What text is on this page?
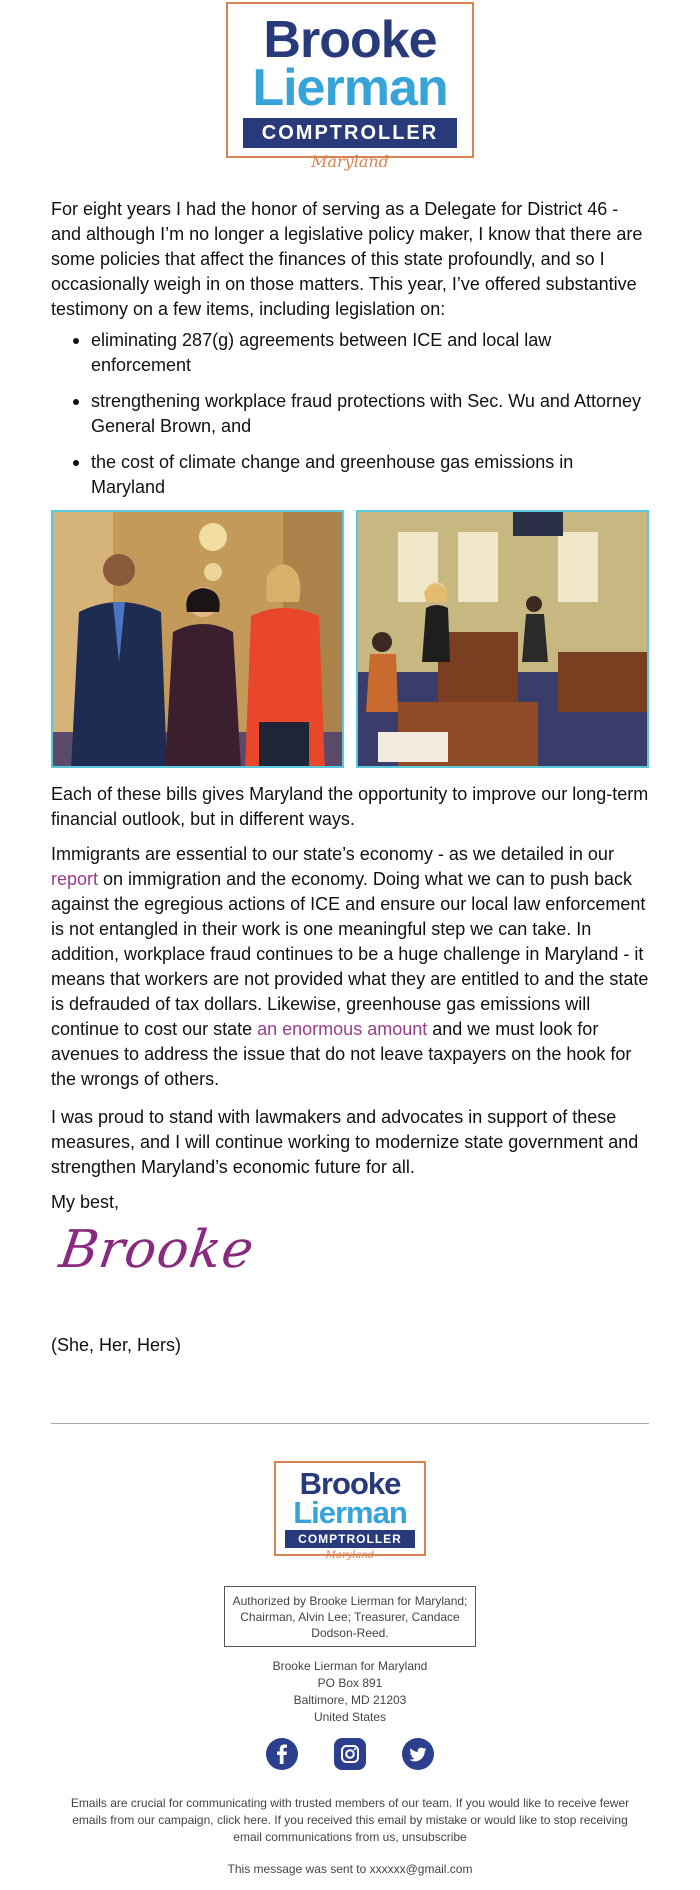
Brooke
Lierman
COMPTROLLER
Maryland

For eight years I had the honor of serving as a Delegate for District 46 - and although I’m no longer a legislative policy maker, I know that there are some policies that affect the finances of this state profoundly, and so I occasionally weigh in on those matters. This year, I’ve offered substantive testimony on a few items, including legislation on:

eliminating 287(g) agreements between ICE and local law enforcement
strengthening workplace fraud protections with Sec. Wu and Attorney General Brown, and
the cost of climate change and greenhouse gas emissions in Maryland

Each of these bills gives Maryland the opportunity to improve our long-term financial outlook, but in different ways.

Immigrants are essential to our state’s economy - as we detailed in our report on immigration and the economy. Doing what we can to push back against the egregious actions of ICE and ensure our local law enforcement is not entangled in their work is one meaningful step we can take. In addition, workplace fraud continues to be a huge challenge in Maryland - it means that workers are not provided what they are entitled to and the state is defrauded of tax dollars. Likewise, greenhouse gas emissions will continue to cost our state an enormous amount and we must look for avenues to address the issue that do not leave taxpayers on the hook for the wrongs of others.

I was proud to stand with lawmakers and advocates in support of these measures, and I will continue working to modernize state government and strengthen Maryland’s economic future for all.

My best,

Brooke

(She, Her, Hers)

Brooke
Lierman
COMPTROLLER
Maryland
Authorized by Brooke Lierman for Maryland; Chairman, Alvin Lee; Treasurer, Candace Dodson-Reed.
Brooke Lierman for Maryland
PO Box 891
Baltimore, MD 21203
United States

Emails are crucial for communicating with trusted members of our team. If you would like to receive fewer emails from our campaign, click here. If you received this email by mistake or would like to stop receiving email communications from us, unsubscribe

This message was sent to xxxxxx@gmail.com
